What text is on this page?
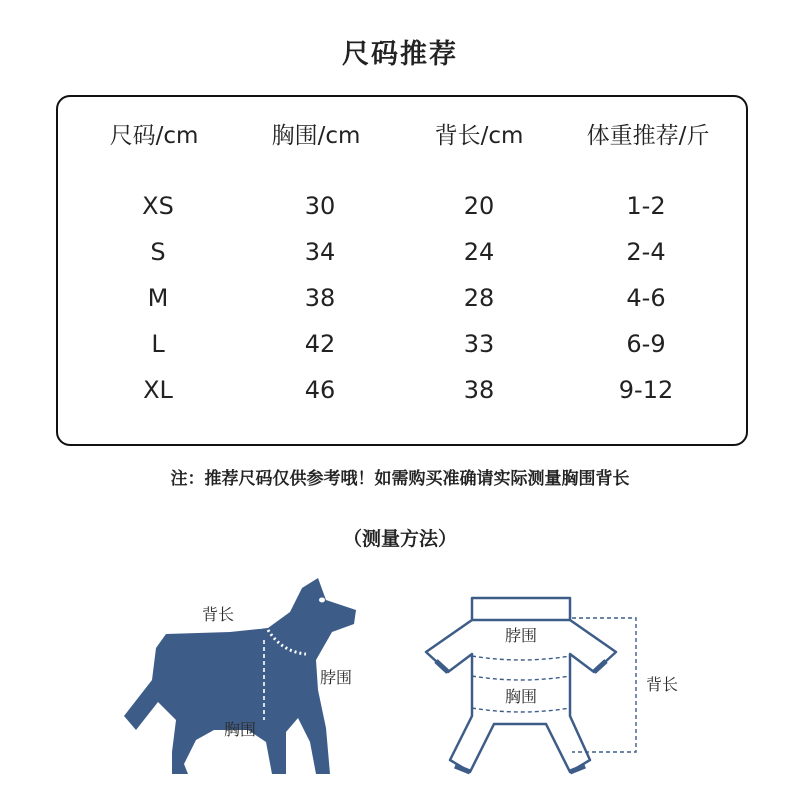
尺码推荐
尺码/cm	胸围/cm	背长/cm	体重推荐/斤
XS	30	20	1-2
S	34	24	2-4
M	38	28	4-6
L	42	33	6-9
XL	46	38	9-12
注：推荐尺码仅供参考哦！如需购买准确请实际测量胸围背长
（测量方法）
背长
脖围
胸围
脖围
胸围
背长
